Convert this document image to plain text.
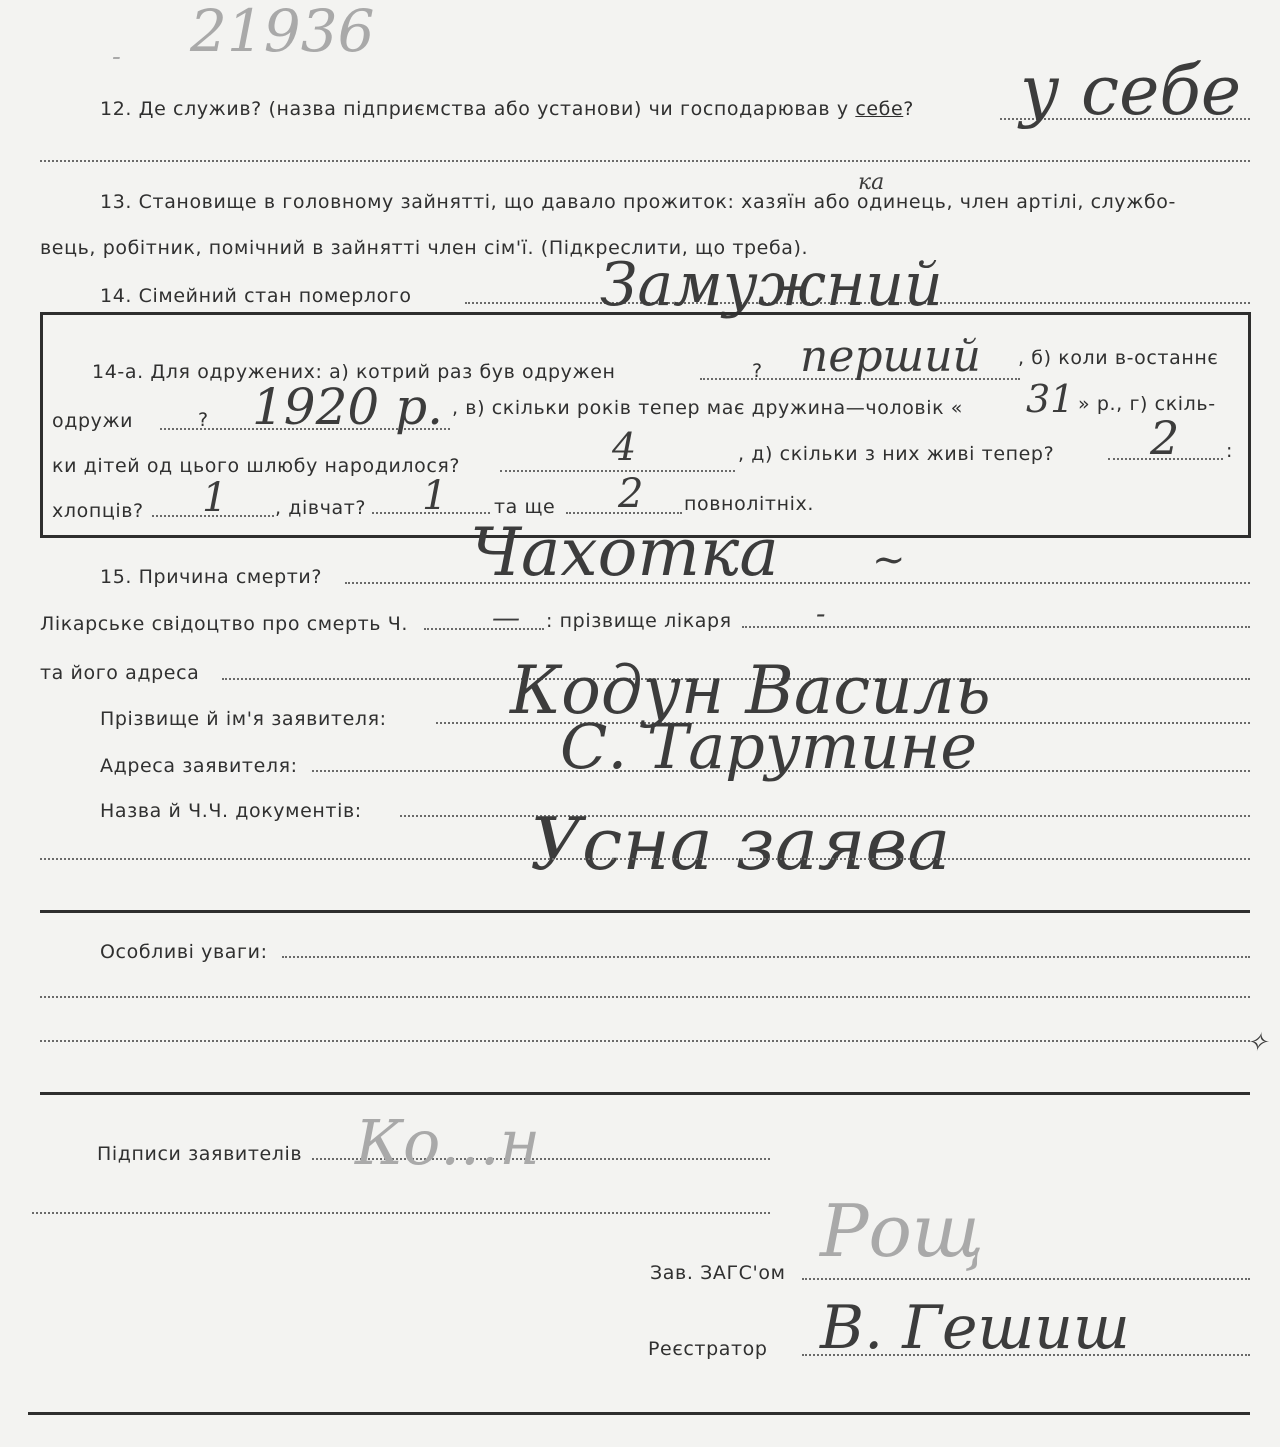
21936
-
12. Де служив? (назва підприємства або установи) чи господарював у себе? у себе
13. Становище в головному зайнятті, що давало прожиток: хазяїн або одинець, член артілі, службо-
ка
вець, робітник, помічний в зайнятті член сім'ї. (Підкреслити, що треба).
14. Сімейний стан померлого	Замужний
14-а. Для одружених: а) котрий раз був одружен	? перший , б) коли в-останнє
одружи	? 1920 р. , в) скільки років тепер має дружина—чоловік « 31 » р., г) скіль-
ки дітей од цього шлюбу народилося?	4	, д) скільки з них живі тепер? 2 :
хлопців? 1	, дівчат? 1 та ще 2 повнолітніх.
15. Причина смерти? Чахотка ~
Лікарське свідоцтво про смерть Ч.	— : прізвище лікаря	-
та його адреса
Прізвище й ім'я заявителя: Кодун Василь
Адреса заявителя:	С. Тарутине
Назва й Ч.Ч. документів: Усна заява
Особливі уваги:
✧
Підписи заявителів Ко...н
Рощ
Зав. ЗАГС'ом
В. Гешиш
Реєстратор
